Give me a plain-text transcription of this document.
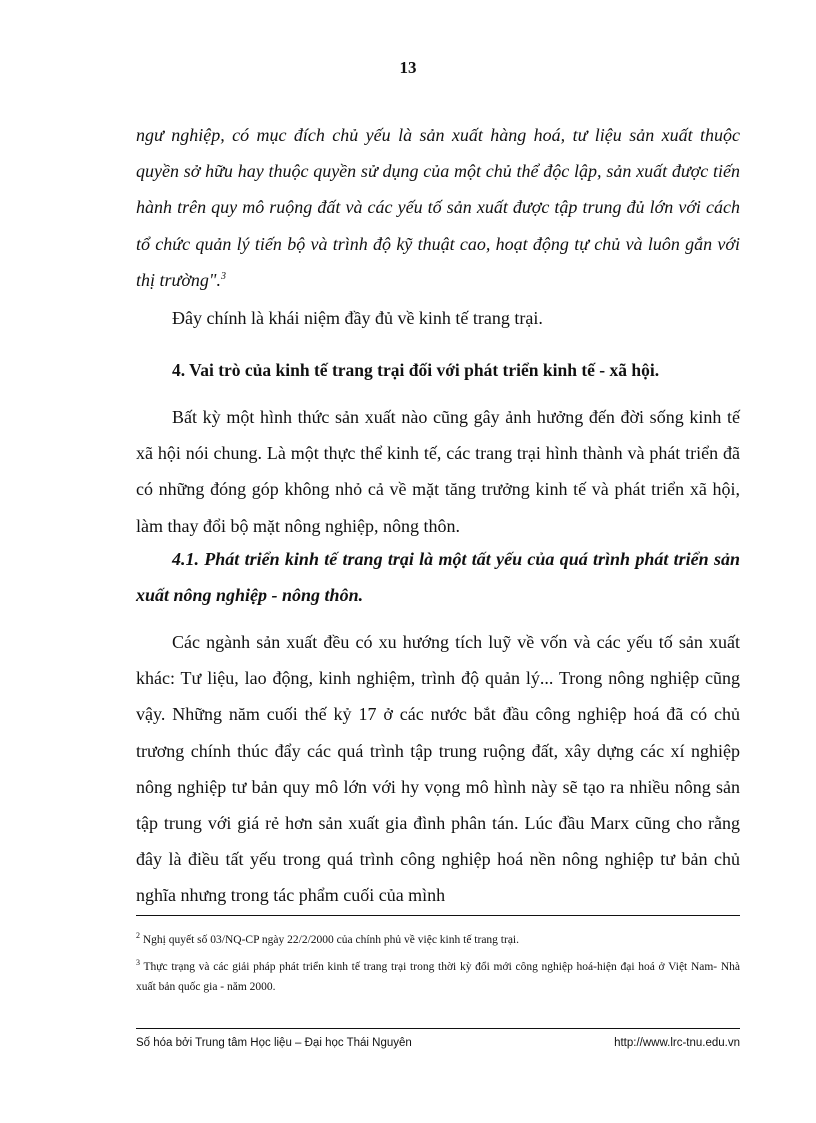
13

ngư nghiệp, có mục đích chủ yếu là sản xuất hàng hoá, tư liệu sản xuất thuộc quyền sở hữu hay thuộc quyền sử dụng của một chủ thể độc lập, sản xuất được tiến hành trên quy mô ruộng đất và các yếu tố sản xuất được tập trung đủ lớn với cách tổ chức quản lý tiến bộ và trình độ kỹ thuật cao, hoạt động tự chủ và luôn gắn với thị trường".$^3$

Đây chính là khái niệm đầy đủ về kinh tế trang trại.

4. Vai trò của kinh tế trang trại đối với phát triển kinh tế - xã hội.

Bất kỳ một hình thức sản xuất nào cũng gây ảnh hưởng đến đời sống kinh tế xã hội nói chung. Là một thực thể kinh tế, các trang trại hình thành và phát triển đã có những đóng góp không nhỏ cả về mặt tăng trưởng kinh tế và phát triển xã hội, làm thay đổi bộ mặt nông nghiệp, nông thôn.

4.1. Phát triển kinh tế trang trại là một tất yếu của quá trình phát triển sản xuất nông nghiệp - nông thôn.

Các ngành sản xuất đều có xu hướng tích luỹ về vốn và các yếu tố sản xuất khác: Tư liệu, lao động, kinh nghiệm, trình độ quản lý... Trong nông nghiệp cũng vậy. Những năm cuối thế kỷ 17 ở các nước bắt đầu công nghiệp hoá đã có chủ trương chính thúc đẩy các quá trình tập trung ruộng đất, xây dựng các xí nghiệp nông nghiệp tư bản quy mô lớn với hy vọng mô hình này sẽ tạo ra nhiều nông sản tập trung với giá rẻ hơn sản xuất gia đình phân tán. Lúc đầu Marx cũng cho rằng đây là điều tất yếu trong quá trình công nghiệp hoá nền nông nghiệp tư bản chủ nghĩa nhưng trong tác phẩm cuối của mình

$^2$ Nghị quyết số 03/NQ-CP ngày 22/2/2000 của chính phủ về việc kinh tế trang trại.

$^3$ Thực trạng và các giải pháp phát triển kinh tế trang trại trong thời kỳ đổi mới công nghiệp hoá-hiện đại hoá ở Việt Nam- Nhà xuất bản quốc gia - năm 2000.

Số hóa bởi Trung tâm Học liệu – Đại học Thái Nguyên	http://www.lrc-tnu.edu.vn
